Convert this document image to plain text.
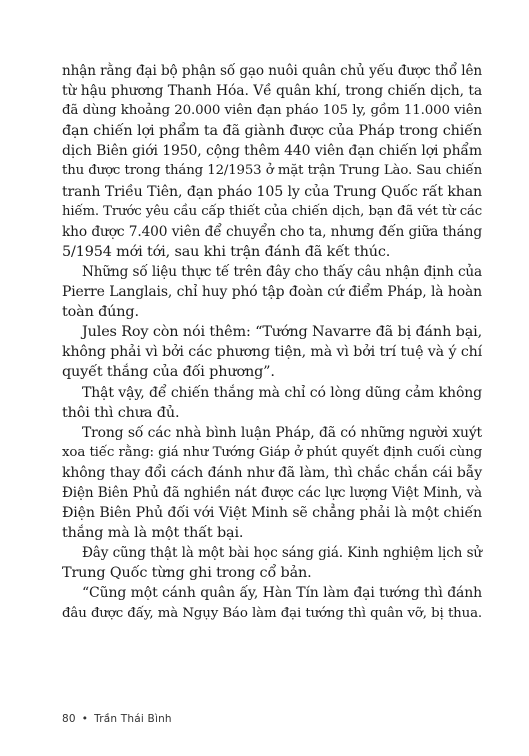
nhận rằng đại bộ phận số gạo nuôi quân chủ yếu được thổ lên
từ hậu phương Thanh Hóa. Về quân khí, trong chiến dịch, ta
đã dùng khoảng 20.000 viên đạn pháo 105 ly, gồm 11.000 viên
đạn chiến lợi phẩm ta đã giành được của Pháp trong chiến
dịch Biên giới 1950, cộng thêm 440 viên đạn chiến lợi phẩm
thu được trong tháng 12/1953 ở mặt trận Trung Lào. Sau chiến
tranh Triều Tiên, đạn pháo 105 ly của Trung Quốc rất khan
hiếm. Trước yêu cầu cấp thiết của chiến dịch, bạn đã vét từ các
kho được 7.400 viên để chuyển cho ta, nhưng đến giữa tháng
5/1954 mới tới, sau khi trận đánh đã kết thúc.
Những số liệu thực tế trên đây cho thấy câu nhận định của
Pierre Langlais, chỉ huy phó tập đoàn cứ điểm Pháp, là hoàn
toàn đúng.
Jules Roy còn nói thêm: “Tướng Navarre đã bị đánh bại,
không phải vì bởi các phương tiện, mà vì bởi trí tuệ và ý chí
quyết thắng của đối phương”.
Thật vậy, để chiến thắng mà chỉ có lòng dũng cảm không
thôi thì chưa đủ.
Trong số các nhà bình luận Pháp, đã có những người xuýt
xoa tiếc rằng: giá như Tướng Giáp ở phút quyết định cuối cùng
không thay đổi cách đánh như đã làm, thì chắc chắn cái bẫy
Điện Biên Phủ đã nghiền nát được các lực lượng Việt Minh, và
Điện Biên Phủ đối với Việt Minh sẽ chẳng phải là một chiến
thắng mà là một thất bại.
Đây cũng thật là một bài học sáng giá. Kinh nghiệm lịch sử
Trung Quốc từng ghi trong cổ bản.
“Cũng một cánh quân ấy, Hàn Tín làm đại tướng thì đánh
đâu được đấy, mà Ngụy Báo làm đại tướng thì quân vỡ, bị thua.
80 • Trần Thái Bình
